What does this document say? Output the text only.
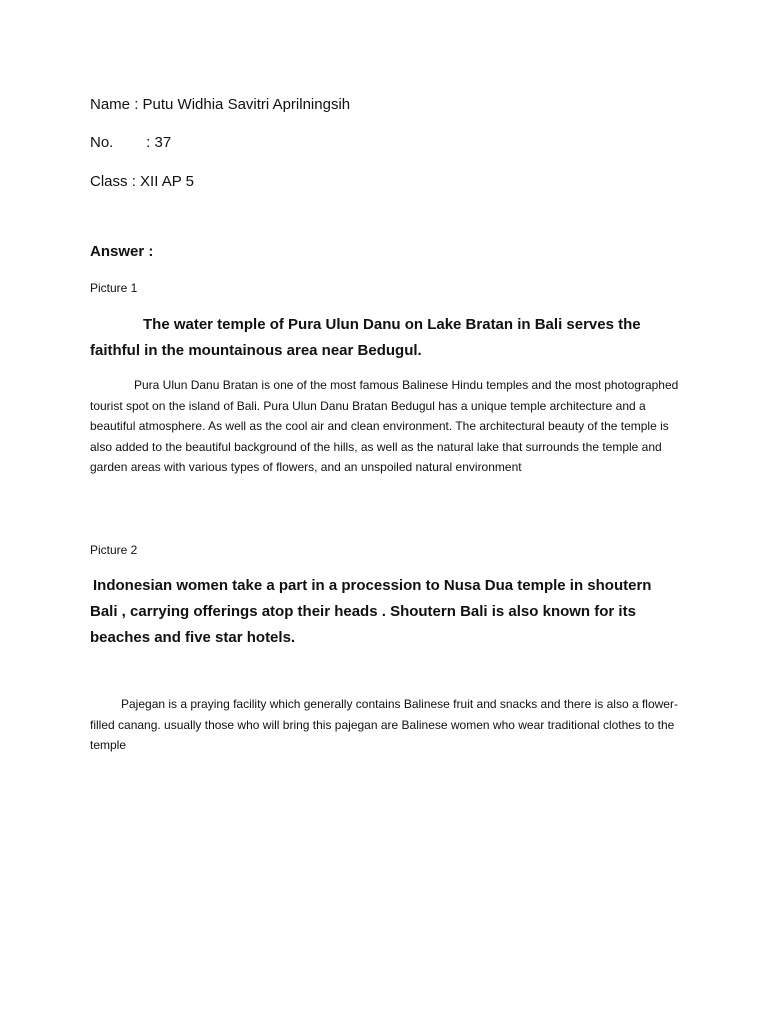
Name : Putu Widhia Savitri Aprilningsih
No. : 37
Class : XII AP 5
Answer :
Picture 1

The water temple of Pura Ulun Danu on Lake Bratan in Bali serves the faithful in the mountainous area near Bedugul.

Pura Ulun Danu Bratan is one of the most famous Balinese Hindu temples and the most photographed tourist spot on the island of Bali. Pura Ulun Danu Bratan Bedugul has a unique temple architecture and a beautiful atmosphere. As well as the cool air and clean environment. The architectural beauty of the temple is also added to the beautiful background of the hills, as well as the natural lake that surrounds the temple and garden areas with various types of flowers, and an unspoiled natural environment

Picture 2

Indonesian women take a part in a procession to Nusa Dua temple in shoutern Bali , carrying offerings atop their heads . Shoutern Bali is also known for its beaches and five star hotels.

Pajegan is a praying facility which generally contains Balinese fruit and snacks and there is also a flower-filled canang. usually those who will bring this pajegan are Balinese women who wear traditional clothes to the temple
